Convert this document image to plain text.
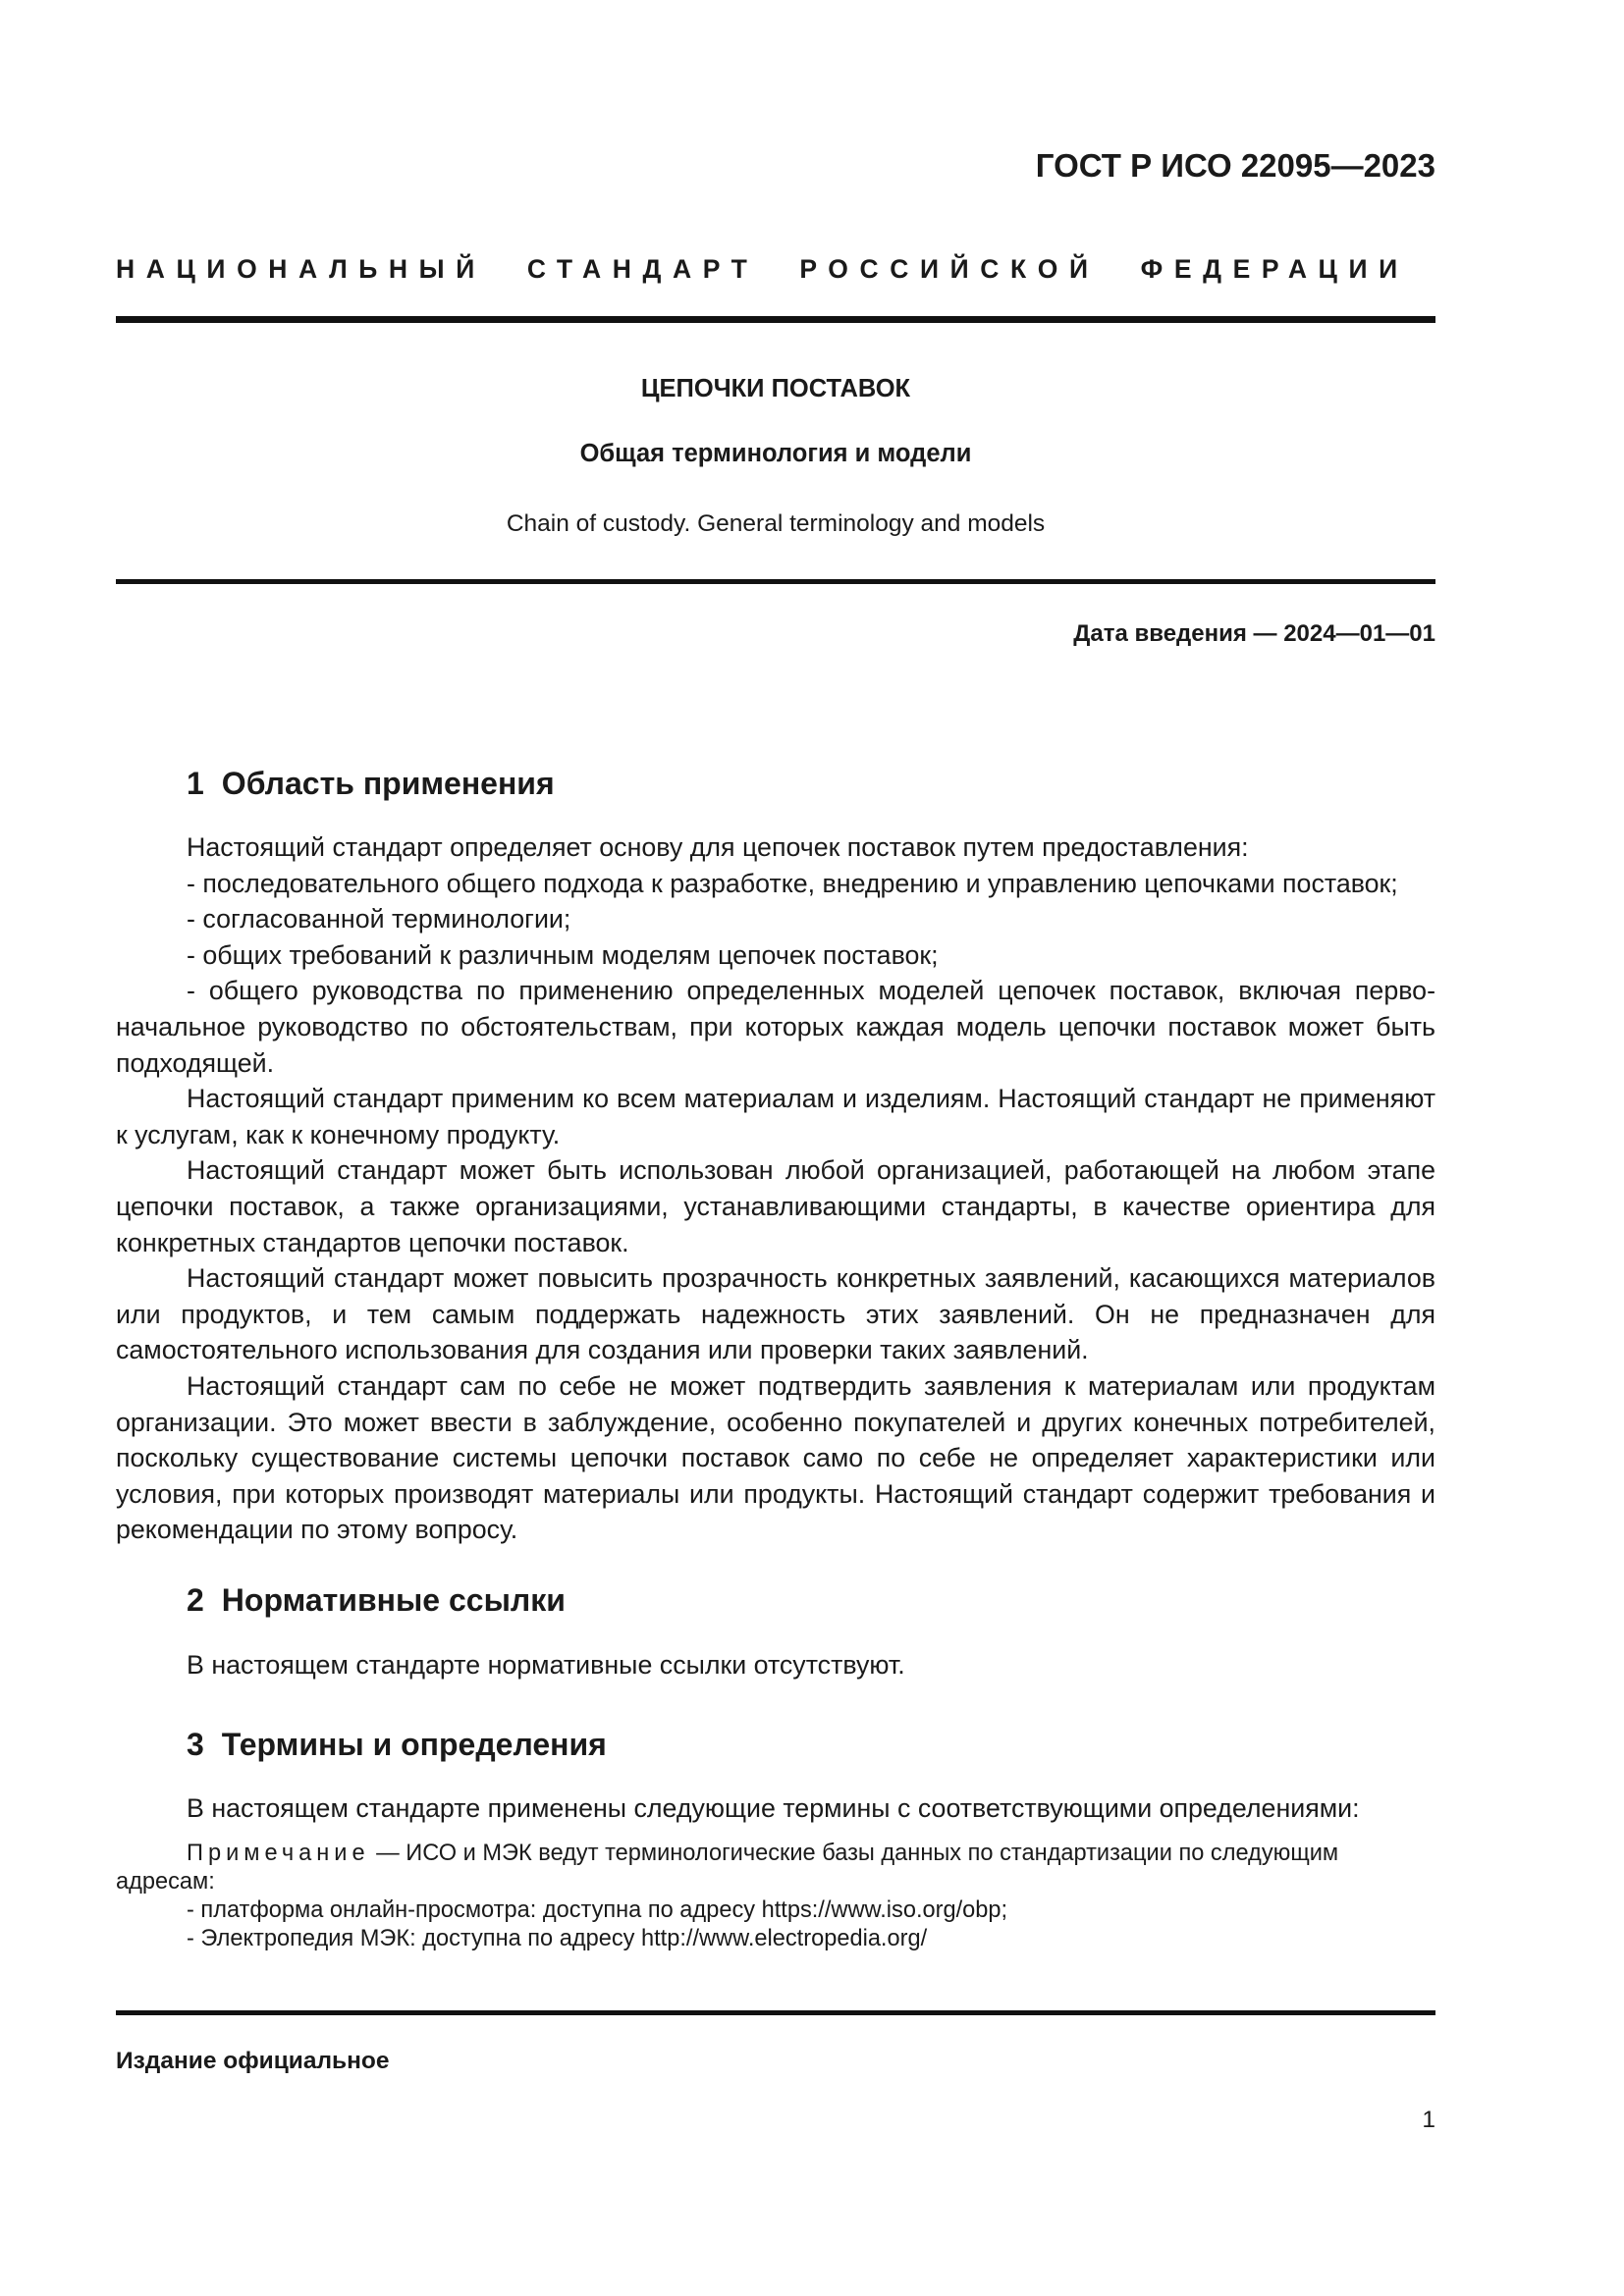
ГОСТ Р ИСО 22095—2023
НАЦИОНАЛЬНЫЙ СТАНДАРТ РОССИЙСКОЙ ФЕДЕРАЦИИ
ЦЕПОЧКИ ПОСТАВОК
Общая терминология и модели
Chain of custody. General terminology and models
Дата введения — 2024—01—01
1 Область применения

Настоящий стандарт определяет основу для цепочек поставок путем предоставления:

- последовательного общего подхода к разработке, внедрению и управлению цепочками поставок;

- согласованной терминологии;

- общих требований к различным моделям цепочек поставок;

- общего руководства по применению определенных моделей цепочек поставок, включая первоначальное руководство по обстоятельствам, при которых каждая модель цепочки поставок может быть подходящей.

Настоящий стандарт применим ко всем материалам и изделиям. Настоящий стандарт не применяют к услугам, как к конечному продукту.

Настоящий стандарт может быть использован любой организацией, работающей на любом этапе цепочки поставок, а также организациями, устанавливающими стандарты, в качестве ориентира для конкретных стандартов цепочки поставок.

Настоящий стандарт может повысить прозрачность конкретных заявлений, касающихся материалов или продуктов, и тем самым поддержать надежность этих заявлений. Он не предназначен для самостоятельного использования для создания или проверки таких заявлений.

Настоящий стандарт сам по себе не может подтвердить заявления к материалам или продуктам организации. Это может ввести в заблуждение, особенно покупателей и других конечных потребителей, поскольку существование системы цепочки поставок само по себе не определяет характеристики или условия, при которых производят материалы или продукты. Настоящий стандарт содержит требования и рекомендации по этому вопросу.

2 Нормативные ссылки
В настоящем стандарте нормативные ссылки отсутствуют.
3 Термины и определения
В настоящем стандарте применены следующие термины с соответствующими определениями:

Примечание — ИСО и МЭК ведут терминологические базы данных по стандартизации по следующим адресам:

- платформа онлайн-просмотра: доступна по адресу https://www.iso.org/obp;

- Электропедия МЭК: доступна по адресу http://www.electropedia.org/

Издание официальное
1
